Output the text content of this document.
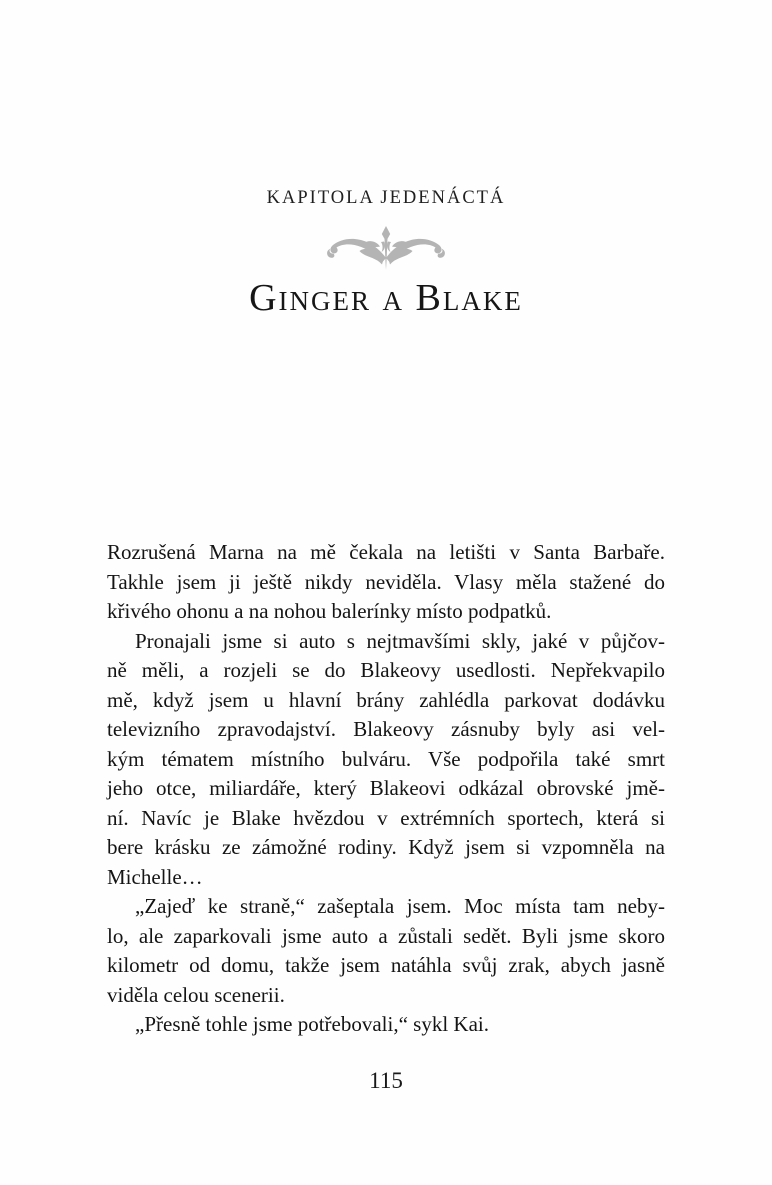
KAPITOLA JEDENÁCTÁ
Ginger a Blake
Rozrušená Marna na mě čekala na letišti v Santa Barbaře.
Takhle jsem ji ještě nikdy neviděla. Vlasy měla stažené do
křivého ohonu a na nohou balerínky místo podpatků.
Pronajali jsme si auto s nejtmavšími skly, jaké v půjčov-
ně měli, a rozjeli se do Blakeovy usedlosti. Nepřekvapilo
mě, když jsem u hlavní brány zahlédla parkovat dodávku
televizního zpravodajství. Blakeovy zásnuby byly asi vel-
kým tématem místního bulváru. Vše podpořila také smrt
jeho otce, miliardáře, který Blakeovi odkázal obrovské jmě-
ní. Navíc je Blake hvězdou v extrémních sportech, která si
bere krásku ze zámožné rodiny. Když jsem si vzpomněla na
Michelle…
„Zajeď ke straně,“ zašeptala jsem. Moc místa tam neby-
lo, ale zaparkovali jsme auto a zůstali sedět. Byli jsme skoro
kilometr od domu, takže jsem natáhla svůj zrak, abych jasně
viděla celou scenerii.
„Přesně tohle jsme potřebovali,“ sykl Kai.
115
